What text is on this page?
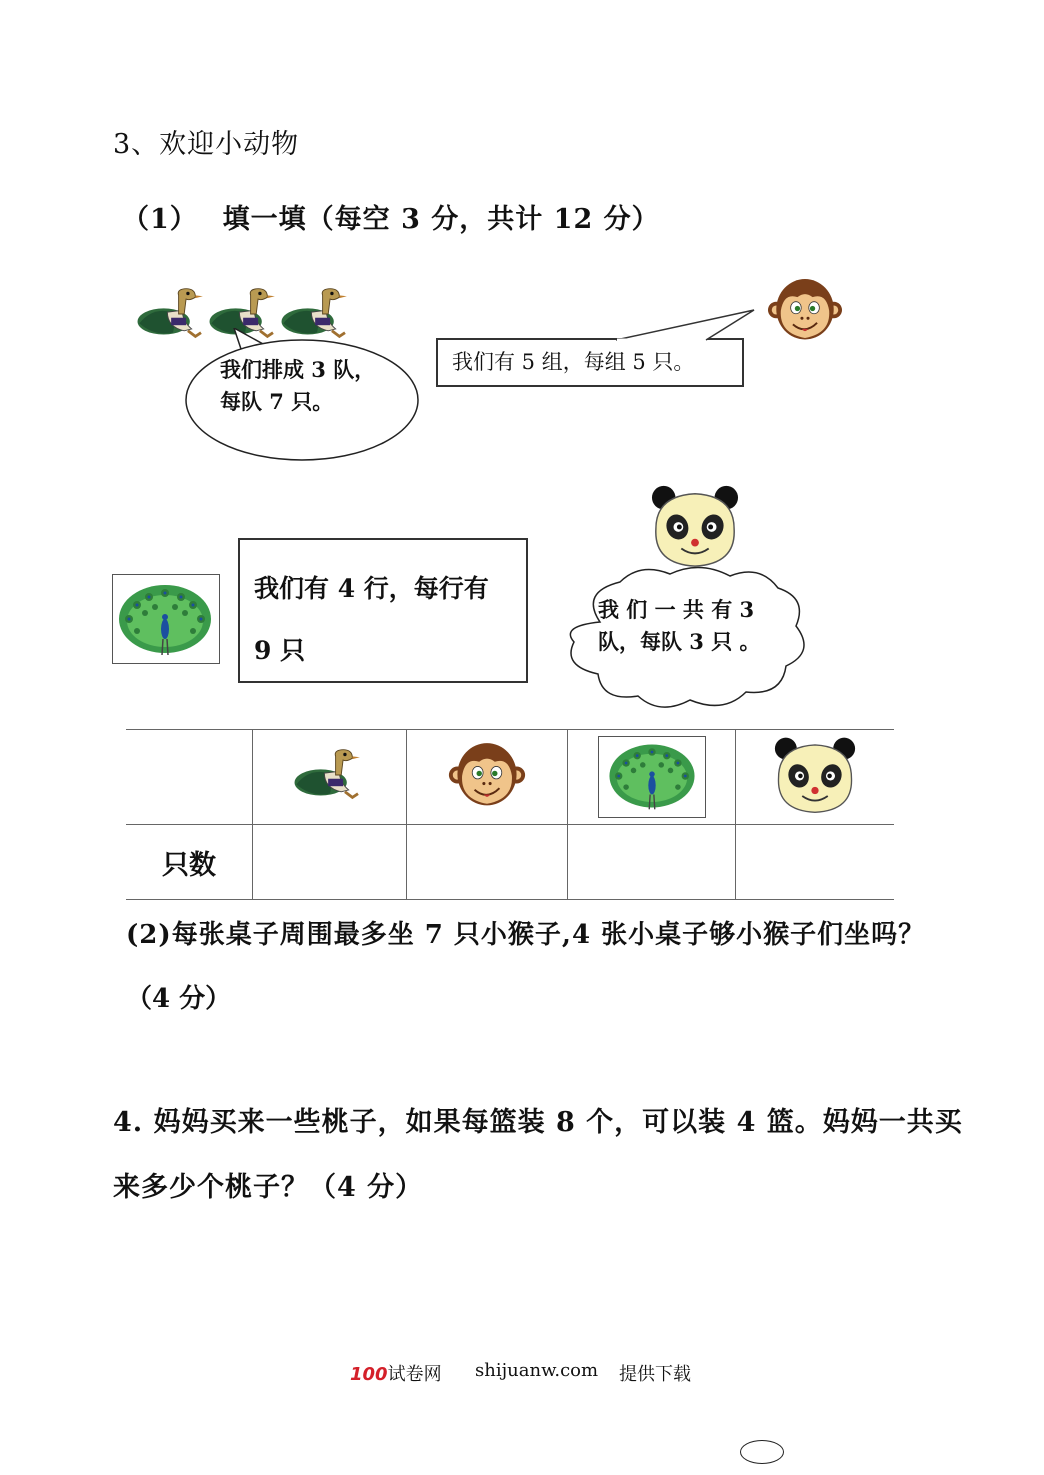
3、欢迎小动物
（1）　 填一填（每空 3 分，共计 12 分）
我们排成 3 队，
每队 7 只。
我们有 5 组，每组 5 只。
我们有 4 行，每行有
9 只
我 们 一 共 有 3
队，每队 3 只 。

只数				
(2)每张桌子周围最多坐 7 只小猴子,4 张小桌子够小猴子们坐吗？
（4 分）
4. 妈妈买来一些桃子，如果每篮装 8 个，可以装 4 篮。妈妈一共买
来多少个桃子？（4 分）
100试卷网 shijuanw.com 提供下载
